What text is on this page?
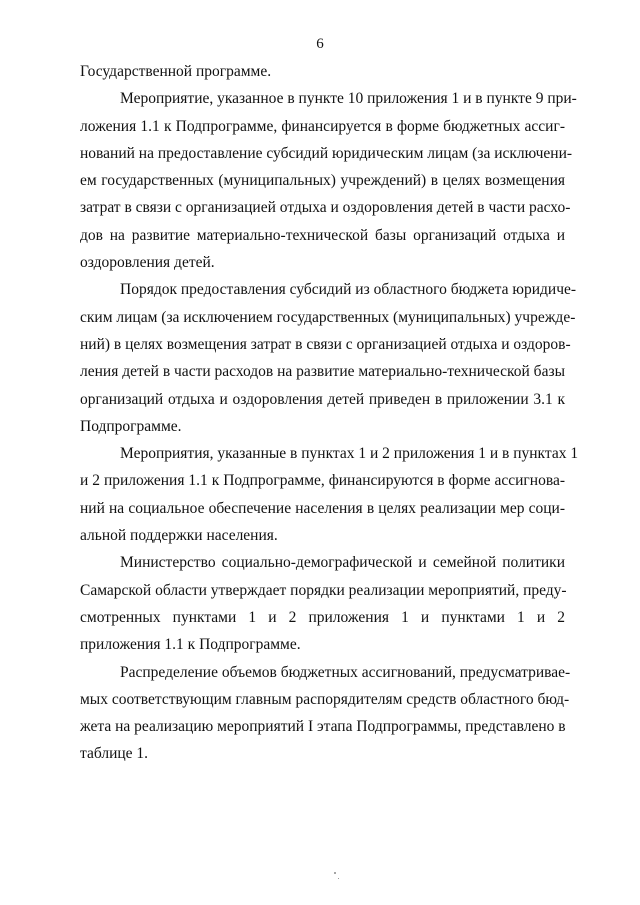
6
Государственной программе.
Мероприятие, указанное в пункте 10 приложения 1 и в пункте 9 при-
ложения 1.1 к Подпрограмме, финансируется в форме бюджетных ассиг-
нований на предоставление субсидий юридическим лицам (за исключени-
ем государственных (муниципальных) учреждений) в целях возмещения
затрат в связи с организацией отдыха и оздоровления детей в части расхо-
дов на развитие материально-технической базы организаций отдыха и
оздоровления детей.
Порядок предоставления субсидий из областного бюджета юридиче-
ским лицам (за исключением государственных (муниципальных) учрежде-
ний) в целях возмещения затрат в связи с организацией отдыха и оздоров-
ления детей в части расходов на развитие материально-технической базы
организаций отдыха и оздоровления детей приведен в приложении 3.1 к
Подпрограмме.
Мероприятия, указанные в пунктах 1 и 2 приложения 1 и в пунктах 1
и 2 приложения 1.1 к Подпрограмме, финансируются в форме ассигнова-
ний на социальное обеспечение населения в целях реализации мер соци-
альной поддержки населения.
Министерство социально-демографической и семейной политики
Самарской области утверждает порядки реализации мероприятий, преду-
смотренных пунктами 1 и 2 приложения 1 и пунктами 1 и 2
приложения 1.1 к Подпрограмме.
Распределение объемов бюджетных ассигнований, предусматривае-
мых соответствующим главным распорядителям средств областного бюд-
жета на реализацию мероприятий I этапа Подпрограммы, представлено в
таблице 1.
